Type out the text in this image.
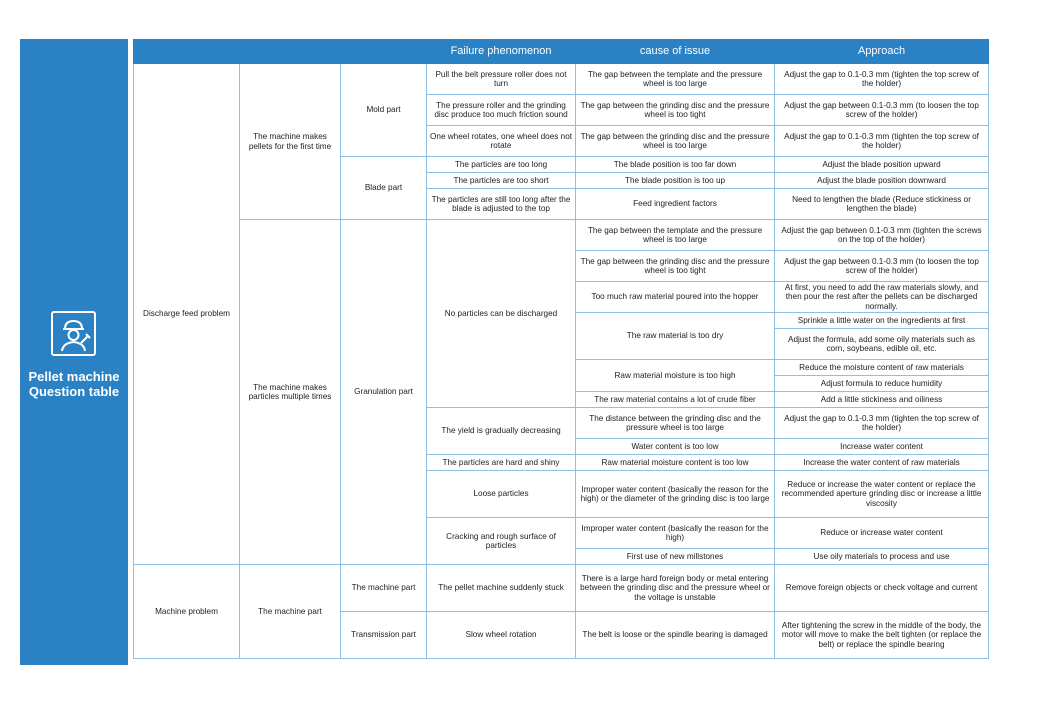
Pellet machine
Question table
			Failure phenomenon	cause of issue	Approach
Discharge feed problem	The machine makes pellets for the first time	Mold part	Pull the belt pressure roller does not turn	The gap between the template and the pressure wheel is too large	Adjust the gap to 0.1-0.3 mm (tighten the top screw of the holder)
			The pressure roller and the grinding disc produce too much friction sound	The gap between the grinding disc and the pressure wheel is too tight	Adjust the gap between 0.1-0.3 mm (to loosen the top screw of the holder)
			One wheel rotates, one wheel does not rotate	The gap between the grinding disc and the pressure wheel is too large	Adjust the gap to 0.1-0.3 mm (tighten the top screw of the holder)
		Blade part	The particles are too long	The blade position is too far down	Adjust the blade position upward
			The particles are too short	The blade position is too up	Adjust the blade position downward
			The particles are still too long after the blade is adjusted to the top	Feed ingredient factors	Need to lengthen the blade (Reduce stickiness or lengthen the blade)
	The machine makes particles multiple times	Granulation part	No particles can be discharged	The gap between the template and the pressure wheel is too large	Adjust the gap between 0.1-0.3 mm (tighten the screws on the top of the holder)
				The gap between the grinding disc and the pressure wheel is too tight	Adjust the gap between 0.1-0.3 mm (to loosen the top screw of the holder)
				Too much raw material poured into the hopper	At first, you need to add the raw materials slowly, and then pour the rest after the pellets can be discharged normally.
				The raw material is too dry	Sprinkle a little water on the ingredients at first
					Adjust the formula, add some oily materials such as corn, soybeans, edible oil, etc.
				Raw material moisture is too high	Reduce the moisture content of raw materials
					Adjust formula to reduce humidity
				The raw material contains a lot of crude fiber	Add a little stickiness and oiliness
			The yield is gradually decreasing	The distance between the grinding disc and the pressure wheel is too large	Adjust the gap to 0.1-0.3 mm (tighten the top screw of the holder)
				Water content is too low	Increase water content
			The particles are hard and shiny	Raw material moisture content is too low	Increase the water content of raw materials
			Loose particles	Improper water content (basically the reason for the high) or the diameter of the grinding disc is too large	Reduce or increase the water content or replace the recommended aperture grinding disc or increase a little viscosity
			Cracking and rough surface of particles	Improper water content (basically the reason for the high)	Reduce or increase water content
				First use of new millstones	Use oily materials to process and use
Machine problem	The machine part	The machine part	The pellet machine suddenly stuck	There is a large hard foreign body or metal entering between the grinding disc and the pressure wheel or the voltage is unstable	Remove foreign objects or check voltage and current
		Transmission part	Slow wheel rotation	The belt is loose or the spindle bearing is damaged	After tightening the screw in the middle of the body, the motor will move to make the belt tighten (or replace the belt) or replace the spindle bearing
